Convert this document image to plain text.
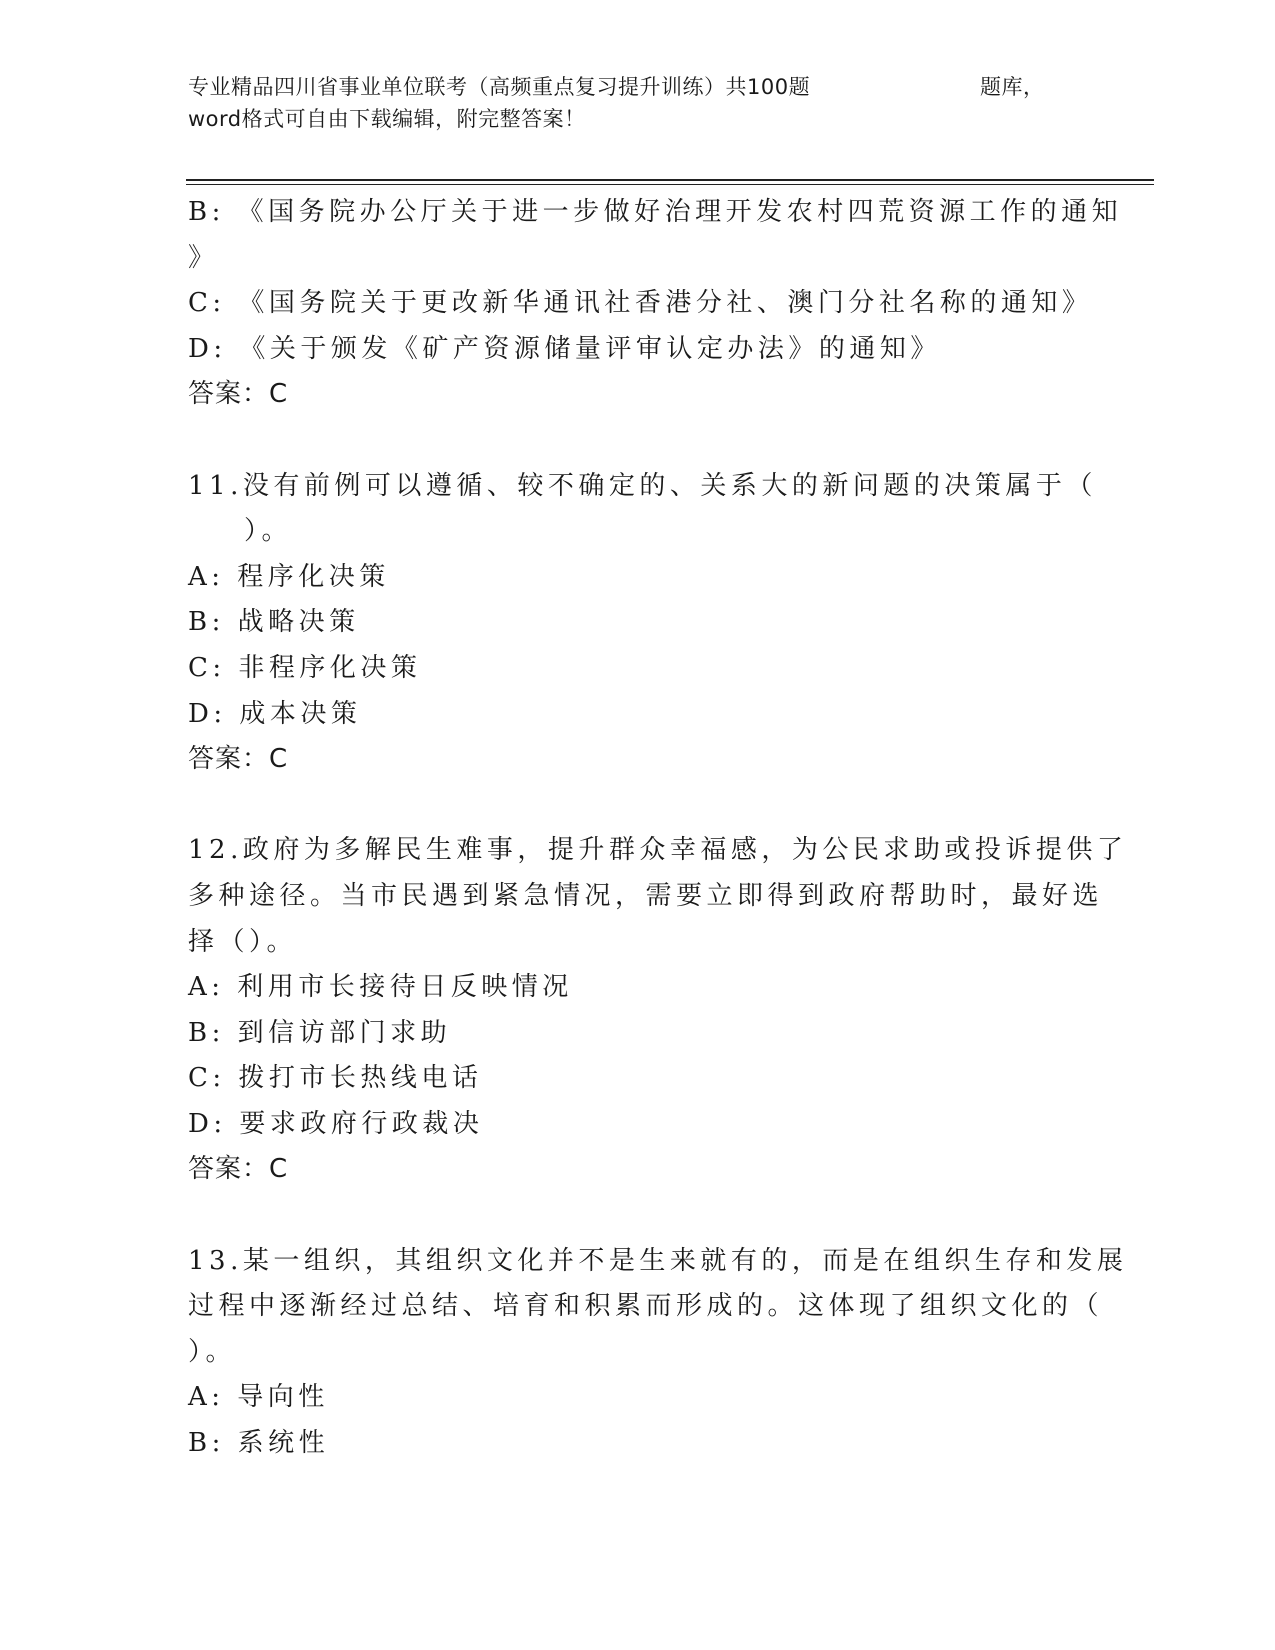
专业精品四川省事业单位联考（高频重点复习提升训练）共100题	题库，
word格式可自由下载编辑，附完整答案！
B: 《国务院办公厅关于进一步做好治理开发农村四荒资源工作的通知
》
C: 《国务院关于更改新华通讯社香港分社、澳门分社名称的通知》
D: 《关于颁发《矿产资源储量评审认定办法》的通知》
答案：C
11.没有前例可以遵循、较不确定的、关系大的新问题的决策属于（
）。
A: 程序化决策
B: 战略决策
C: 非程序化决策
D: 成本决策
答案：C
12.政府为多解民生难事，提升群众幸福感，为公民求助或投诉提供了
多种途径。当市民遇到紧急情况，需要立即得到政府帮助时，最好选
择（）。
A: 利用市长接待日反映情况
B: 到信访部门求助
C: 拨打市长热线电话
D: 要求政府行政裁决
答案：C
13.某一组织，其组织文化并不是生来就有的，而是在组织生存和发展
过程中逐渐经过总结、培育和积累而形成的。这体现了组织文化的（
）。
A: 导向性
B: 系统性
